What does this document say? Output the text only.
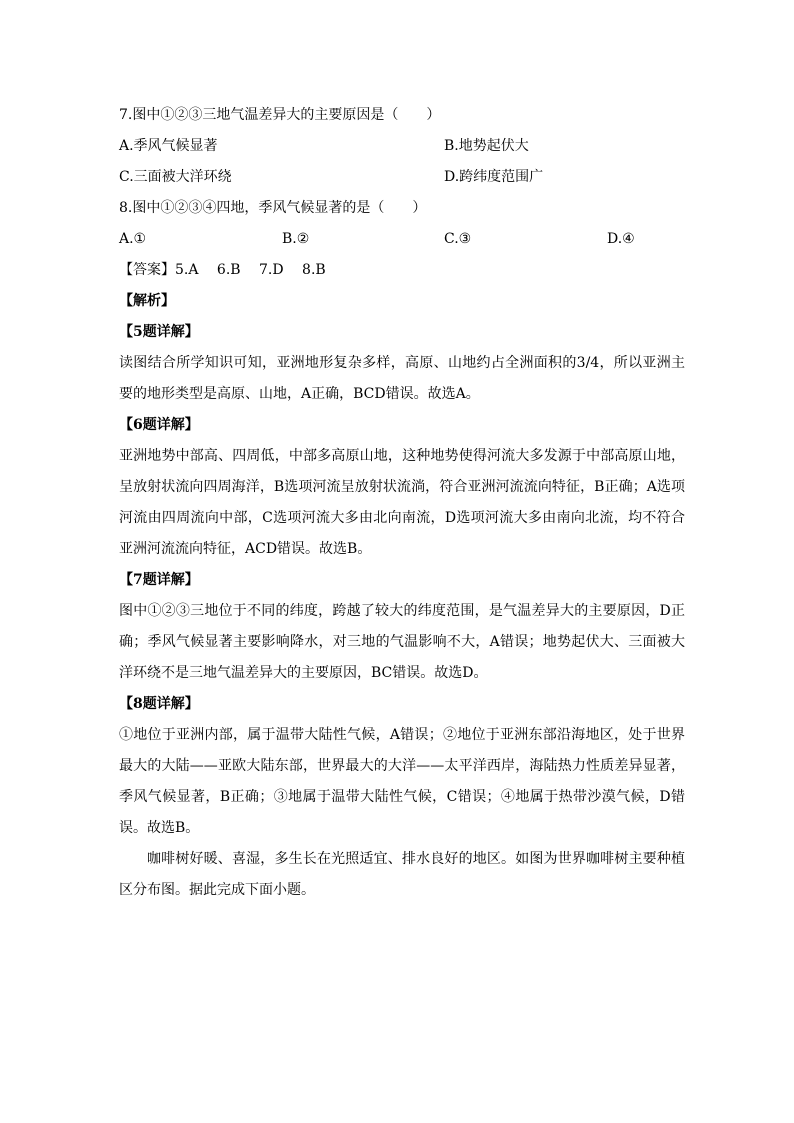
7.图中①②③三地气温差异大的主要原因是（　　）
A.季风气候显著	B.地势起伏大
C.三面被大洋环绕	D.跨纬度范围广
8.图中①②③④四地，季风气候显著的是（　　）
A.①	B.②	C.③	D.④
【答案】5.A　 6.B　 7.D　 8.B
【解析】
【5题详解】
读图结合所学知识可知，亚洲地形复杂多样，高原、山地约占全洲面积的3/4，所以亚洲主要的地形类型是高原、山地，A正确，BCD错误。故选A。
【6题详解】
亚洲地势中部高、四周低，中部多高原山地，这种地势使得河流大多发源于中部高原山地，呈放射状流向四周海洋，B选项河流呈放射状流淌，符合亚洲河流流向特征，B正确；A选项河流由四周流向中部，C选项河流大多由北向南流，D选项河流大多由南向北流，均不符合亚洲河流流向特征，ACD错误。故选B。
【7题详解】
图中①②③三地位于不同的纬度，跨越了较大的纬度范围，是气温差异大的主要原因，D正确；季风气候显著主要影响降水，对三地的气温影响不大，A错误；地势起伏大、三面被大洋环绕不是三地气温差异大的主要原因，BC错误。故选D。
【8题详解】
①地位于亚洲内部，属于温带大陆性气候，A错误；②地位于亚洲东部沿海地区，处于世界最大的大陆——亚欧大陆东部，世界最大的大洋——太平洋西岸，海陆热力性质差异显著，季风气候显著，B正确；③地属于温带大陆性气候，C错误；④地属于热带沙漠气候，D错误。故选B。
咖啡树好暖、喜湿，多生长在光照适宜、排水良好的地区。如图为世界咖啡树主要种植区分布图。据此完成下面小题。
